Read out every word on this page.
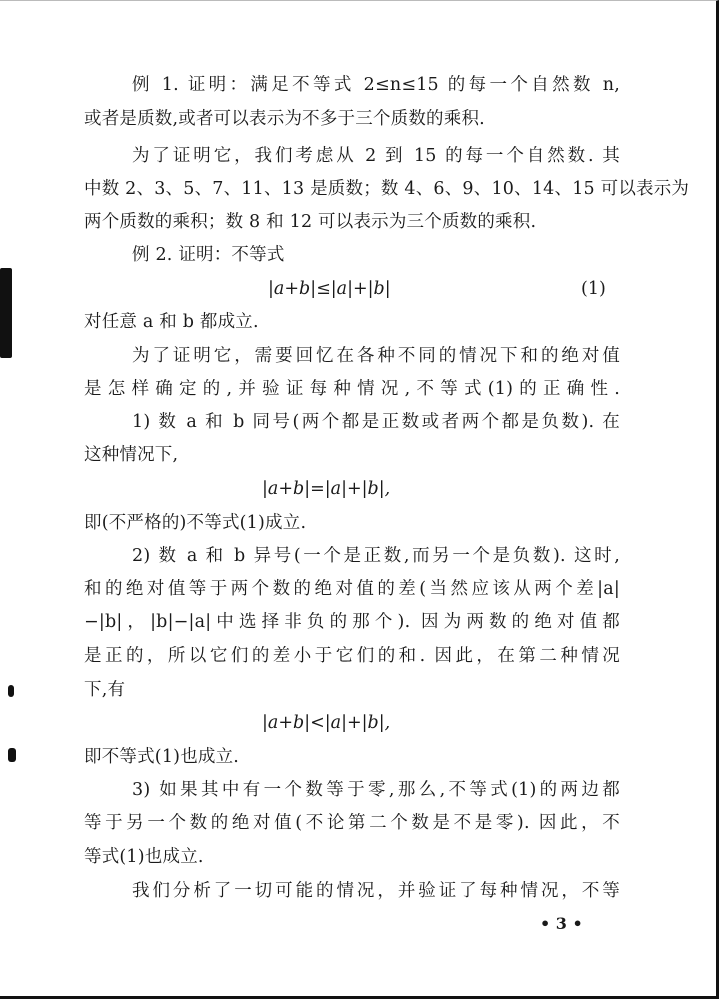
例 1. 证明：满足不等式 2≤n≤15 的每一个自然数 n,
或者是质数,或者可以表示为不多于三个质数的乘积.
为了证明它，我们考虑从 2 到 15 的每一个自然数. 其
中数 2、3、5、7、11、13 是质数；数 4、6、9、10、14、15 可以表示为
两个质数的乘积；数 8 和 12 可以表示为三个质数的乘积.
例 2. 证明：不等式
对任意 a 和 b 都成立.
为了证明它，需要回忆在各种不同的情况下和的绝对值
是怎样确定的,并验证每种情况,不等式(1)的正确性.
1) 数 a 和 b 同号(两个都是正数或者两个都是负数). 在
这种情况下,
即(不严格的)不等式(1)成立.
2) 数 a 和 b 异号(一个是正数,而另一个是负数). 这时,
和的绝对值等于两个数的绝对值的差(当然应该从两个差|a|
−|b|，|b|−|a|中选择非负的那个). 因为两数的绝对值都
是正的，所以它们的差小于它们的和. 因此，在第二种情况
下,有
即不等式(1)也成立.
3) 如果其中有一个数等于零,那么,不等式(1)的两边都
等于另一个数的绝对值(不论第二个数是不是零). 因此，不
等式(1)也成立.
我们分析了一切可能的情况，并验证了每种情况，不等
|a+b|≤|a|+|b|	(1)
|a+b|=|a|+|b|,
|a+b|<|a|+|b|,
• 3 •
